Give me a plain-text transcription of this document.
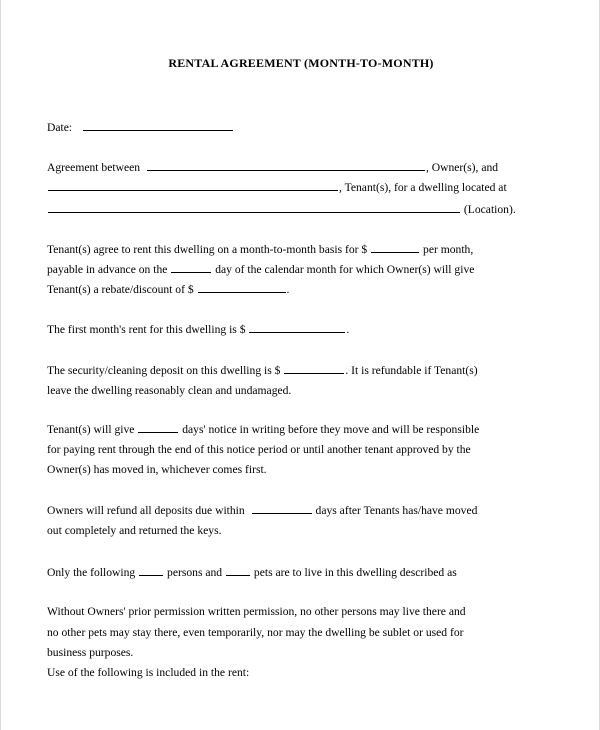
RENTAL AGREEMENT (MONTH-TO-MONTH)
Date:
Agreement between	, Owner(s), and
, Tenant(s), for a dwelling located at
(Location).
Tenant(s) agree to rent this dwelling on a month-to-month basis for $	per month,
payable in advance on the	day of the calendar month for which Owner(s) will give
Tenant(s) a rebate/discount of $	.
The first month's rent for this dwelling is $	.
The security/cleaning deposit on this dwelling is $	. It is refundable if Tenant(s)
leave the dwelling reasonably clean and undamaged.
Tenant(s) will give	days' notice in writing before they move and will be responsible
for paying rent through the end of this notice period or until another tenant approved by the
Owner(s) has moved in, whichever comes first.
Owners will refund all deposits due within	days after Tenants has/have moved
out completely and returned the keys.
Only the following	persons and	pets are to live in this dwelling described as
Without Owners' prior permission written permission, no other persons may live there and
no other pets may stay there, even temporarily, nor may the dwelling be sublet or used for
business purposes.
Use of the following is included in the rent:
